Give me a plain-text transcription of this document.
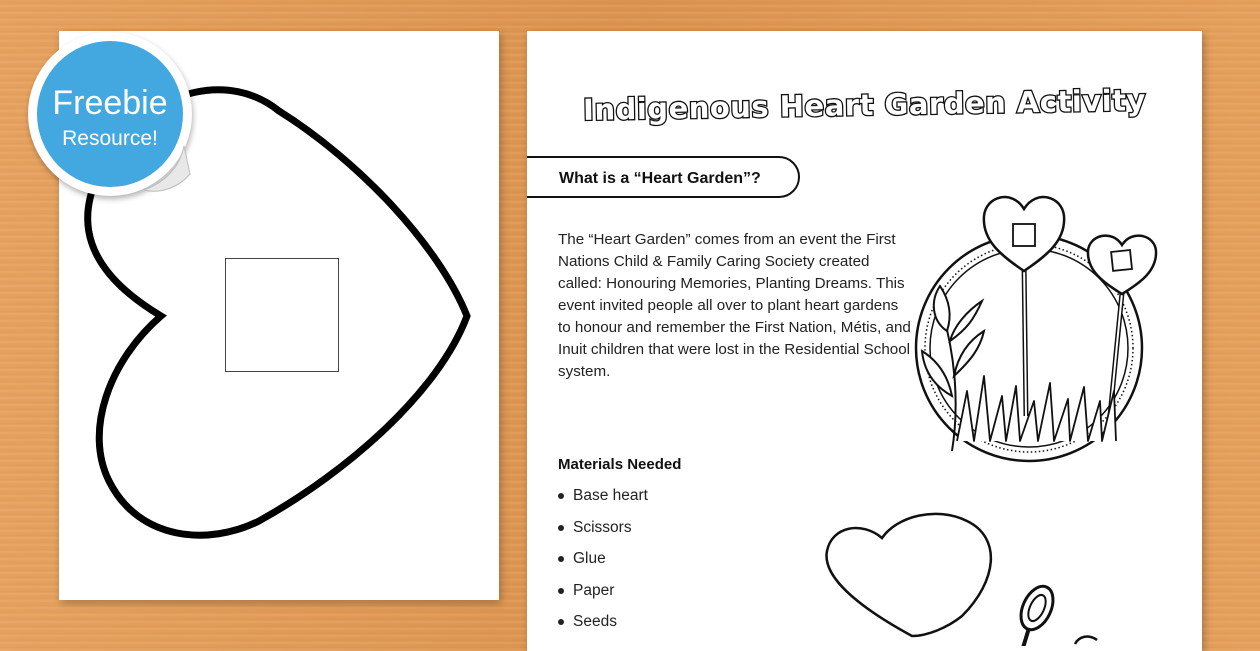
Freebie
Resource!
Indigenous Heart Garden Activity
What is a “Heart Garden”?

The “Heart Garden” comes from an event the First Nations Child & Family Caring Society created called: Honouring Memories, Planting Dreams. This event invited people all over to plant heart gardens to honour and remember the First Nation, Métis, and Inuit children that were lost in the Residential School system.

Materials Needed
Base heart
Scissors
Glue
Paper
Seeds
